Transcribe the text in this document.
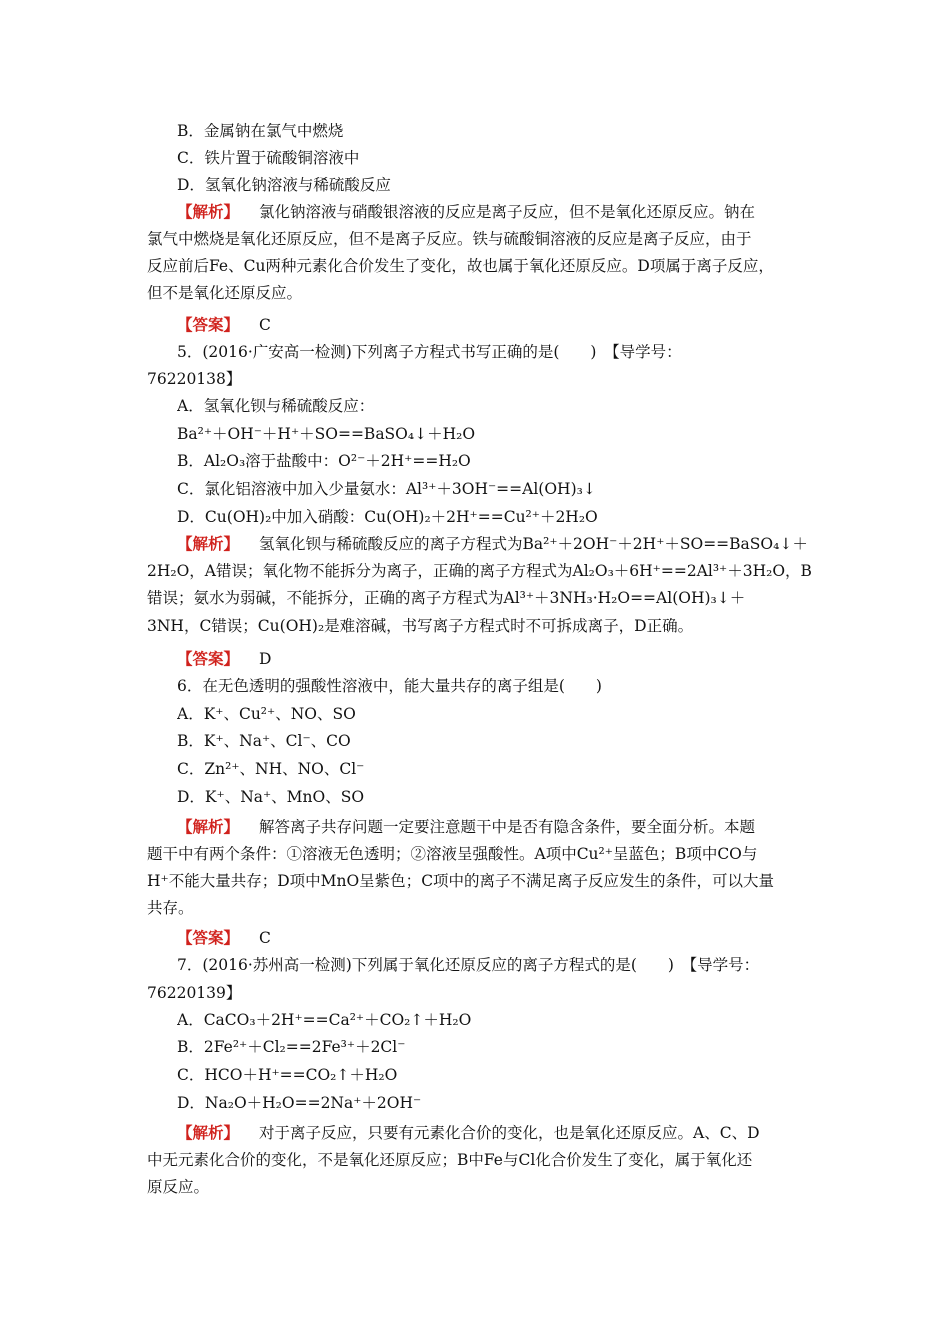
B．金属钠在氯气中燃烧
C．铁片置于硫酸铜溶液中
D．氢氧化钠溶液与稀硫酸反应
【解析】 氯化钠溶液与硝酸银溶液的反应是离子反应，但不是氧化还原反应。钠在
氯气中燃烧是氧化还原反应，但不是离子反应。铁与硫酸铜溶液的反应是离子反应，由于
反应前后Fe、Cu两种元素化合价发生了变化，故也属于氧化还原反应。D项属于离子反应，
但不是氧化还原反应。
【答案】 C
5．(2016·广安高一检测)下列离子方程式书写正确的是(　　)　【导学号：
76220138】
A．氢氧化钡与稀硫酸反应：
Ba²⁺＋OH⁻＋H⁺＋SO==BaSO₄↓＋H₂O
B．Al₂O₃溶于盐酸中：O²⁻＋2H⁺==H₂O
C．氯化铝溶液中加入少量氨水：Al³⁺＋3OH⁻==Al(OH)₃↓
D．Cu(OH)₂中加入硝酸：Cu(OH)₂＋2H⁺==Cu²⁺＋2H₂O
【解析】 氢氧化钡与稀硫酸反应的离子方程式为Ba²⁺＋2OH⁻＋2H⁺＋SO==BaSO₄↓＋
2H₂O，A错误；氧化物不能拆分为离子，正确的离子方程式为Al₂O₃＋6H⁺==2Al³⁺＋3H₂O，B
错误；氨水为弱碱，不能拆分，正确的离子方程式为Al³⁺＋3NH₃·H₂O==Al(OH)₃↓＋
3NH，C错误；Cu(OH)₂是难溶碱，书写离子方程式时不可拆成离子，D正确。
【答案】 D
6．在无色透明的强酸性溶液中，能大量共存的离子组是(　　)
A．K⁺、Cu²⁺、NO、SO
B．K⁺、Na⁺、Cl⁻、CO
C．Zn²⁺、NH、NO、Cl⁻
D．K⁺、Na⁺、MnO、SO
【解析】 解答离子共存问题一定要注意题干中是否有隐含条件，要全面分析。本题
题干中有两个条件：①溶液无色透明；②溶液呈强酸性。A项中Cu²⁺呈蓝色；B项中CO与
H⁺不能大量共存；D项中MnO呈紫色；C项中的离子不满足离子反应发生的条件，可以大量
共存。
【答案】 C
7．(2016·苏州高一检测)下列属于氧化还原反应的离子方程式的是(　　)　【导学号：
76220139】
A．CaCO₃＋2H⁺==Ca²⁺＋CO₂↑＋H₂O
B．2Fe²⁺＋Cl₂==2Fe³⁺＋2Cl⁻
C．HCO＋H⁺==CO₂↑＋H₂O
D．Na₂O＋H₂O==2Na⁺＋2OH⁻
【解析】 对于离子反应，只要有元素化合价的变化，也是氧化还原反应。A、C、D
中无元素化合价的变化，不是氧化还原反应；B中Fe与Cl化合价发生了变化，属于氧化还
原反应。
